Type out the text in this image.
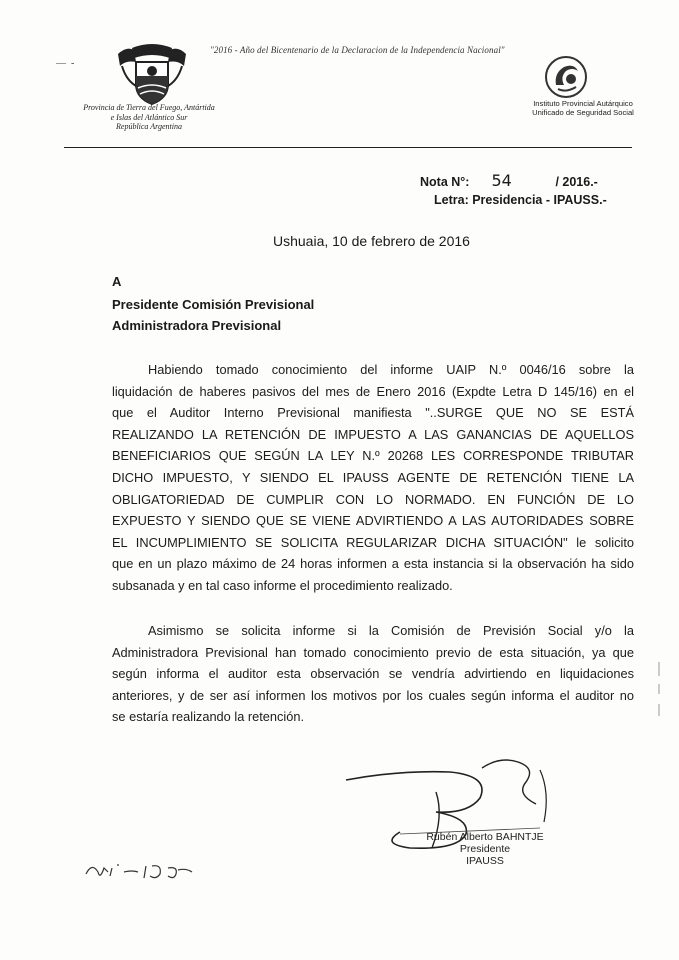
—  -
"2016 - Año del Bicentenario de la Declaracion de la Independencia Nacional"
Provincia de Tierra del Fuego, Antártida
e Islas del Atlántico Sur
República Argentina
Instituto Provincial Autárquico
Unificado de Seguridad Social
Nota N°: 54	/ 2016.-
Letra: Presidencia - IPAUSS.-
Ushuaia, 10 de febrero de 2016
A
Presidente Comisión Previsional
Administradora Previsional
Habiendo tomado conocimiento del informe UAIP N.º 0046/16 sobre la
liquidación de haberes pasivos del mes de Enero 2016 (Expdte Letra D 145/16) en el
que el Auditor Interno Previsional manifiesta "..SURGE QUE NO SE ESTÁ
REALIZANDO LA RETENCIÓN DE IMPUESTO A LAS GANANCIAS DE AQUELLOS
BENEFICIARIOS QUE SEGÚN LA LEY N.º 20268 LES CORRESPONDE TRIBUTAR
DICHO IMPUESTO, Y SIENDO EL IPAUSS AGENTE DE RETENCIÓN TIENE LA
OBLIGATORIEDAD DE CUMPLIR CON LO NORMADO. EN FUNCIÓN DE LO
EXPUESTO Y SIENDO QUE SE VIENE ADVIRTIENDO A LAS AUTORIDADES SOBRE
EL INCUMPLIMIENTO SE SOLICITA REGULARIZAR DICHA SITUACIÓN" le solicito
que en un plazo máximo de 24 horas informen a esta instancia si la observación ha sido
subsanada y en tal caso informe el procedimiento realizado.
Asimismo se solicita informe si la Comisión de Previsión Social y/o la
Administradora Previsional han tomado conocimiento previo de esta situación, ya que
según informa el auditor esta observación se vendría advirtiendo en liquidaciones
anteriores, y de ser así informen los motivos por los cuales según informa el auditor no
se estaría realizando la retención.
Rubén Alberto BAHNTJE
Presidente
IPAUSS
